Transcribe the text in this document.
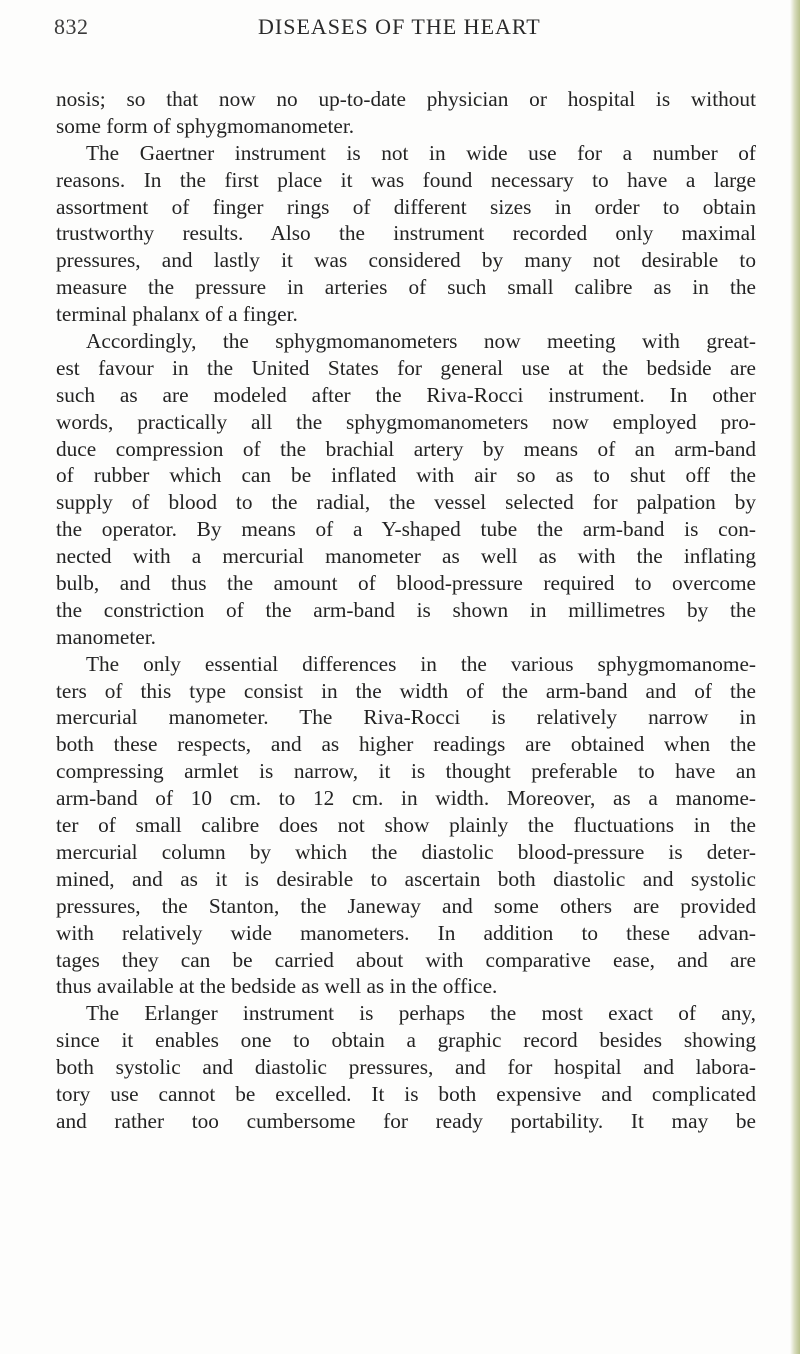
832	DISEASES OF THE HEART
nosis; so that now no up-to-date physician or hospital is without
some form of sphygmomanometer.
The Gaertner instrument is not in wide use for a number of
reasons. In the first place it was found necessary to have a large
assortment of finger rings of different sizes in order to obtain
trustworthy results. Also the instrument recorded only maximal
pressures, and lastly it was considered by many not desirable to
measure the pressure in arteries of such small calibre as in the
terminal phalanx of a finger.
Accordingly, the sphygmomanometers now meeting with great-
est favour in the United States for general use at the bedside are
such as are modeled after the Riva-Rocci instrument. In other
words, practically all the sphygmomanometers now employed pro-
duce compression of the brachial artery by means of an arm-band
of rubber which can be inflated with air so as to shut off the
supply of blood to the radial, the vessel selected for palpation by
the operator. By means of a Y-shaped tube the arm-band is con-
nected with a mercurial manometer as well as with the inflating
bulb, and thus the amount of blood-pressure required to overcome
the constriction of the arm-band is shown in millimetres by the
manometer.
The only essential differences in the various sphygmomanome-
ters of this type consist in the width of the arm-band and of the
mercurial manometer. The Riva-Rocci is relatively narrow in
both these respects, and as higher readings are obtained when the
compressing armlet is narrow, it is thought preferable to have an
arm-band of 10 cm. to 12 cm. in width. Moreover, as a manome-
ter of small calibre does not show plainly the fluctuations in the
mercurial column by which the diastolic blood-pressure is deter-
mined, and as it is desirable to ascertain both diastolic and systolic
pressures, the Stanton, the Janeway and some others are provided
with relatively wide manometers. In addition to these advan-
tages they can be carried about with comparative ease, and are
thus available at the bedside as well as in the office.
The Erlanger instrument is perhaps the most exact of any,
since it enables one to obtain a graphic record besides showing
both systolic and diastolic pressures, and for hospital and labora-
tory use cannot be excelled. It is both expensive and complicated
and rather too cumbersome for ready portability. It may be
